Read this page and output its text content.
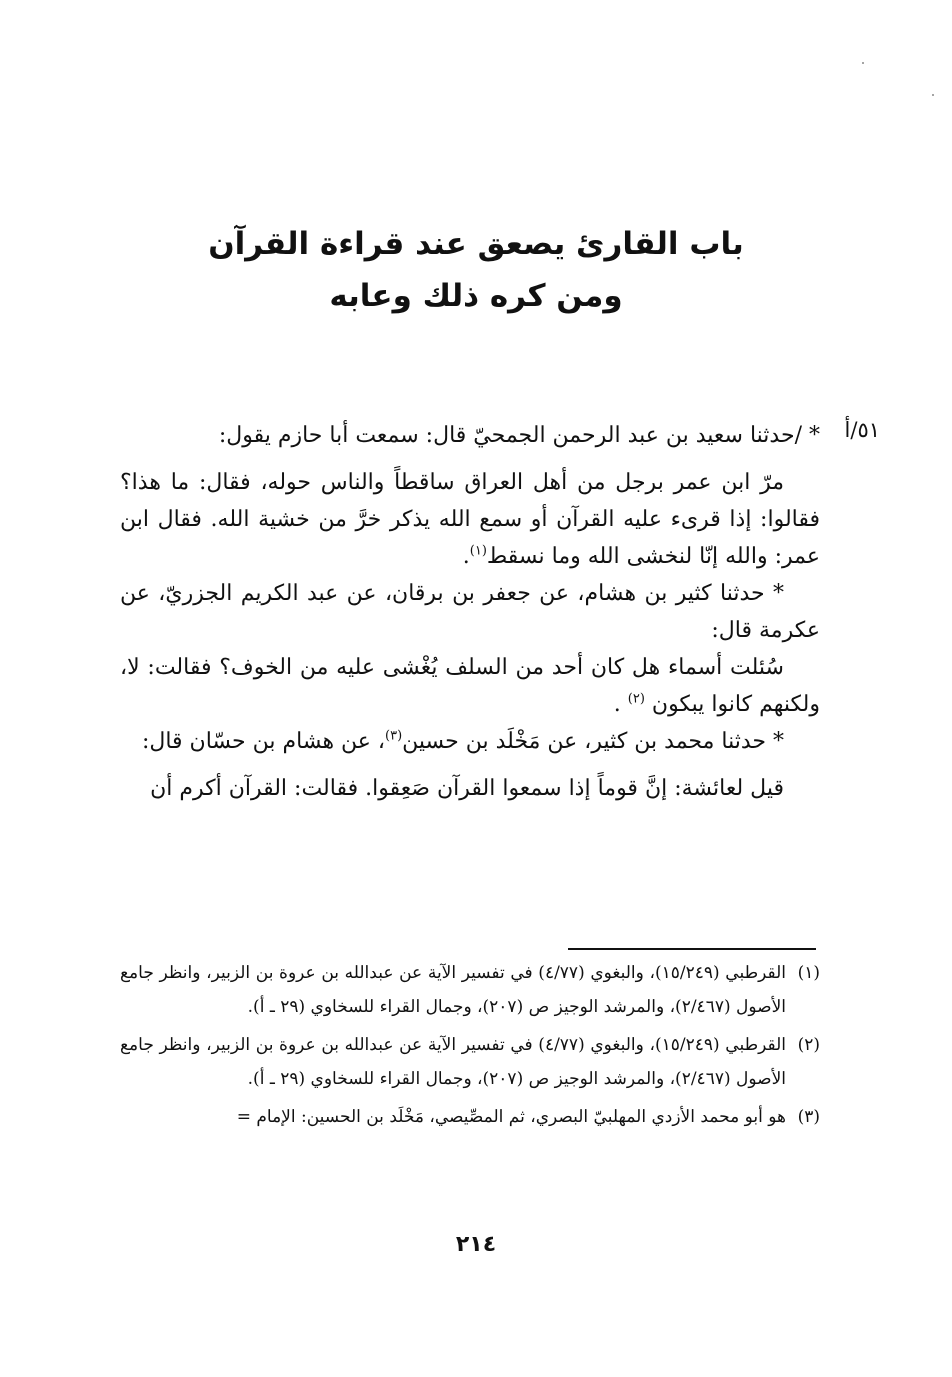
باب القارئ يصعق عند قراءة القرآن
ومن كره ذلك وعابه
٥١/أ

* /حدثنا سعيد بن عبد الرحمن الجمحيّ قال: سمعت أبا حازم يقول:

مرّ ابن عمر برجل من أهل العراق ساقطاً والناس حوله، فقال: ما هذا؟ فقالوا: إذا قرىء عليه القرآن أو سمع الله يذكر خرَّ من خشية الله. فقال ابن عمر: والله إنّا لنخشى الله وما نسقط$^{(١)}$.

* حدثنا كثير بن هشام، عن جعفر بن برقان، عن عبد الكريم الجزريّ، عن عكرمة قال:

سُئلت أسماء هل كان أحد من السلف يُغْشى عليه من الخوف؟ فقالت: لا، ولكنهم كانوا يبكون $^{(٢)}$ .

* حدثنا محمد بن كثير، عن مَخْلَد بن حسين$^{(٣)}$، عن هشام بن حسّان قال:

قيل لعائشة: إنَّ قوماً إذا سمعوا القرآن صَعِقوا. فقالت: القرآن أكرم أن

(١)
القرطبي (١٥/٢٤٩)، والبغوي (٤/٧٧) في تفسير الآية عن عبدالله بن عروة بن الزبير، وانظر جامع الأصول (٢/٤٦٧)، والمرشد الوجيز ص (٢٠٧)، وجمال القراء للسخاوي (٢٩ ـ أ).
(٢)
القرطبي (١٥/٢٤٩)، والبغوي (٤/٧٧) في تفسير الآية عن عبدالله بن عروة بن الزبير، وانظر جامع الأصول (٢/٤٦٧)، والمرشد الوجيز ص (٢٠٧)، وجمال القراء للسخاوي (٢٩ ـ أ).
(٣)
هو أبو محمد الأزدي المهلبيّ البصري، ثم المصِّيصي، مَخْلَد بن الحسين: الإمام =
٢١٤
